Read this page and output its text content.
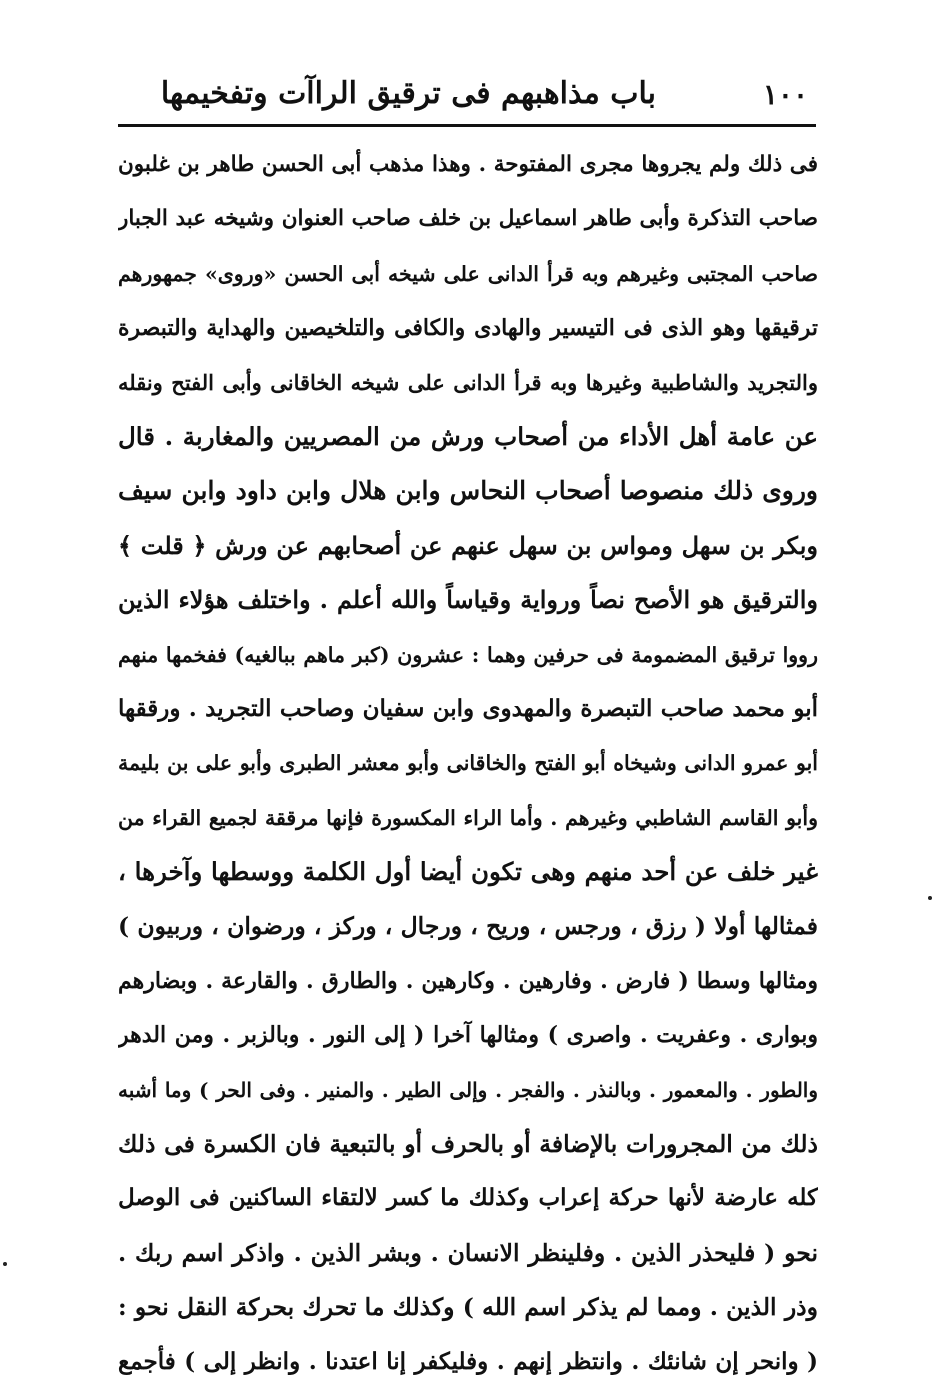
١٠٠
باب مذاهبهم فى ترقيق الراآت وتفخيمها
فى ذلك ولم يجروها مجرى المفتوحة . وهذا مذهب أبى الحسن طاهر بن غلبون
صاحب التذكرة وأبى طاهر اسماعيل بن خلف صاحب العنوان وشيخه عبد الجبار
صاحب المجتبى وغيرهم وبه قرأ الدانى على شيخه أبى الحسن «وروى» جمهورهم
ترقيقها وهو الذى فى التيسير والهادى والكافى والتلخيصين والهداية والتبصرة
والتجريد والشاطبية وغيرها وبه قرأ الدانى على شيخه الخاقانى وأبى الفتح ونقله
عن عامة أهل الأداء من أصحاب ورش من المصريين والمغاربة . قال
وروى ذلك منصوصا أصحاب النحاس وابن هلال وابن داود وابن سيف
وبكر بن سهل ومواس بن سهل عنهم عن أصحابهم عن ورش ﴿ قلت ﴾
والترقيق هو الأصح نصاً ورواية وقياساً والله أعلم . واختلف هؤلاء الذين
رووا ترقيق المضمومة فى حرفين وهما : عشرون (كبر ماهم ببالغيه) ففخمها منهم
أبو محمد صاحب التبصرة والمهدوى وابن سفيان وصاحب التجريد . ورققها
أبو عمرو الدانى وشيخاه أبو الفتح والخاقانى وأبو معشر الطبرى وأبو على بن بليمة
وأبو القاسم الشاطبي وغيرهم . وأما الراء المكسورة فإنها مرققة لجميع القراء من
غير خلف عن أحد منهم وهى تكون أيضا أول الكلمة ووسطها وآخرها ،
فمثالها أولا ( رزق ، ورجس ، وريح ، ورجال ، وركز ، ورضوان ، وربيون )
ومثالها وسطا ( فارض . وفارهين . وكارهين . والطارق . والقارعة . وبضارهم
وبوارى . وعفريت . واصرى ) ومثالها آخرا ( إلى النور . وبالزبر . ومن الدهر
والطور . والمعمور . وبالنذر . والفجر . وإلى الطير . والمنير . وفى الحر ) وما أشبه
ذلك من المجرورات بالإضافة أو بالحرف أو بالتبعية فان الكسرة فى ذلك
كله عارضة لأنها حركة إعراب وكذلك ما كسر لالتقاء الساكنين فى الوصل
نحو ( فليحذر الذين . وفلينظر الانسان . وبشر الذين . واذكر اسم ربك .
وذر الذين . ومما لم يذكر اسم الله ) وكذلك ما تحرك بحركة النقل نحو :
( وانحر إن شانئك . وانتظر إنهم . وفليكفر إنا اعتدنا . وانظر إلى ) فأجمع
